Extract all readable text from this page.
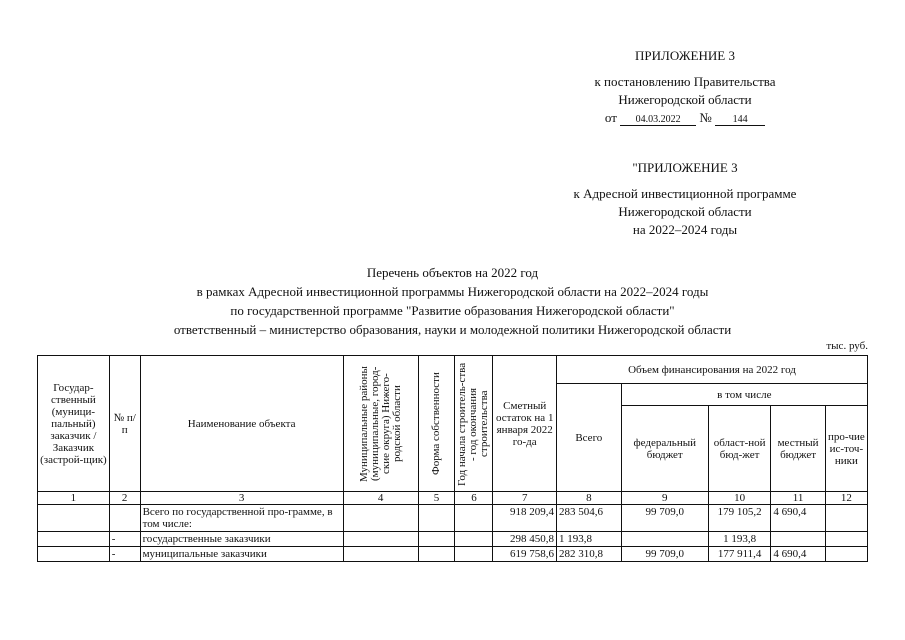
ПРИЛОЖЕНИЕ 3
к постановлению Правительства
Нижегородской области
от 04.03.2022 № 144
"ПРИЛОЖЕНИЕ 3
к Адресной инвестиционной программе
Нижегородской области
на 2022–2024 годы
Перечень объектов на 2022 год
в рамках Адресной инвестиционной программы Нижегородской области на 2022–2024 годы
по государственной программе "Развитие образования Нижегородской области"
ответственный – министерство образования, науки и молодежной политики Нижегородской области
тыс. руб.
Государ-ственный (муници-пальный) заказчик / Заказчик (застрой-щик)	№ п/п	Наименование объекта	Муниципальные районы (муниципальные, город-ские округа) Нижего-родской области	Форма собственности	Год начала строитель-ства - год окончания строительства	Сметный остаток на 1 января 2022 го-да	Объем финансирования на 2022 год				
							Всего	в том числе			
								федеральный бюджет	област-ной бюд-жет	местный бюджет	про-чие ис-точ-ники
1	2	3	4	5	6	7	8	9	10	11	12
		Всего по государственной про-грамме, в том числе:				918 209,4	283 504,6	99 709,0	179 105,2	4 690,4	
	-	государственные заказчики				298 450,8	1 193,8		1 193,8		
	-	муниципальные заказчики				619 758,6	282 310,8	99 709,0	177 911,4	4 690,4	
